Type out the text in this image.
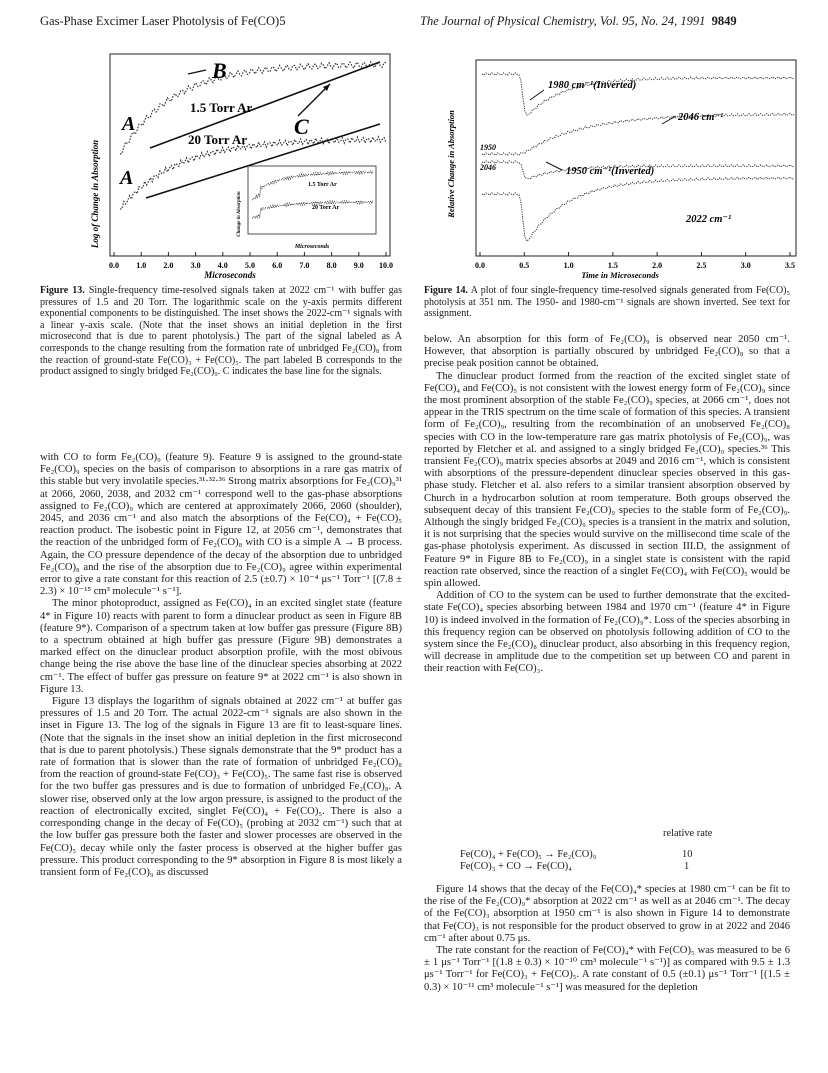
Gas-Phase Excimer Laser Photolysis of Fe(CO)5	The Journal of Physical Chemistry, Vol. 95, No. 24, 1991 9849
Log of Change in Absorption
0.0 1.0 2.0 3.0 4.0 5.0 6.0 7.0 8.0 9.0 10.0
Microseconds
B
A
A
C
1.5 Torr Ar
20 Torr Ar
Change in Absorption
Microseconds
1.5 Torr Ar
20 Torr Ar
Figure 13. Single-frequency time-resolved signals taken at 2022 cm⁻¹ with buffer gas pressures of 1.5 and 20 Torr. The logarithmic scale on the y-axis permits different exponential components to be distinguished. The inset shows the 2022-cm⁻¹ signals with a linear y-axis scale. (Note that the inset shows an initial depletion in the first microsecond that is due to parent photolysis.) The part of the signal labeled as A corresponds to the change resulting from the formation rate of unbridged Fe₂(CO)₈ from the reaction of ground-state Fe(CO)₃ + Fe(CO)₅. The part labeled B corresponds to the product assigned to singly bridged Fe₂(CO)₉. C indicates the base line for the signals.
Relative Change in Absorption
0.0	0.5	1.0	1.5	2.0	2.5	3.0	3.5
Time in Microseconds
1980 cm⁻¹(Inverted)
2046 cm⁻¹
1950
2046	1950 cm⁻¹(Inverted)
2022 cm⁻¹
Figure 14. A plot of four single-frequency time-resolved signals generated from Fe(CO)₅ photolysis at 351 nm. The 1950- and 1980-cm⁻¹ signals are shown inverted. See text for assignment.

with CO to form Fe₂(CO)₉ (feature 9). Feature 9 is assigned to the ground-state Fe₂(CO)₉ species on the basis of comparison to absorptions in a rare gas matrix of this stable but very involatile species.³¹·³²·³⁶ Strong matrix absorptions for Fe₂(CO)₉³¹ at 2066, 2060, 2038, and 2032 cm⁻¹ correspond well to the gas-phase absorptions assigned to Fe₂(CO)₉ which are centered at approximately 2066, 2060 (shoulder), 2045, and 2036 cm⁻¹ and also match the absorptions of the Fe(CO)₄ + Fe(CO)₅ reaction product. The isobestic point in Figure 12, at 2056 cm⁻¹, demonstrates that the reaction of the unbridged form of Fe₂(CO)₈ with CO is a simple A → B process. Again, the CO pressure dependence of the decay of the absorption due to unbridged Fe₂(CO)₈ and the rise of the absorption due to Fe₂(CO)₉ agree within experimental error to give a rate constant for this reaction of 2.5 (±0.7) × 10⁻⁴ μs⁻¹ Torr⁻¹ [(7.8 ± 2.3) × 10⁻¹⁵ cm³ molecule⁻¹ s⁻¹].

The minor photoproduct, assigned as Fe(CO)₄ in an excited singlet state (feature 4* in Figure 10) reacts with parent to form a dinuclear product as seen in Figure 8B (feature 9*). Comparison of a spectrum taken at low buffer gas pressure (Figure 8B) to a spectrum obtained at high buffer gas pressure (Figure 9B) demonstrates a marked effect on the dinuclear product absorption profile, with the most obivous change being the rise above the base line of the dinuclear species absorbing at 2022 cm⁻¹. The effect of buffer gas pressure on feature 9* at 2022 cm⁻¹ is also shown in Figure 13.

Figure 13 displays the logarithm of signals obtained at 2022 cm⁻¹ at buffer gas pressures of 1.5 and 20 Torr. The actual 2022-cm⁻¹ signals are also shown in the inset in Figure 13. The log of the signals in Figure 13 are fit to least-square lines. (Note that the signals in the inset show an initial depletion in the first microsecond that is due to parent photolysis.) These signals demonstrate that the 9* product has a rate of formation that is slower than the rate of formation of unbridged Fe₂(CO)₈ from the reaction of ground-state Fe(CO)₃ + Fe(CO)₅. The same fast rise is observed for the two buffer gas pressures and is due to formation of unbridged Fe₂(CO)₈. A slower rise, observed only at the low argon pressure, is assigned to the product of the reaction of electronically excited, singlet Fe(CO)₄ + Fe(CO)₅. There is also a corresponding change in the decay of Fe(CO)₅ (probing at 2032 cm⁻¹) such that at the low buffer gas pressure both the faster and slower processes are observed in the Fe(CO)₅ decay while only the faster process is observed at the higher buffer gas pressure. This product corresponding to the 9* absorption in Figure 8 is most likely a transient form of Fe₂(CO)₉ as discussed

below. An absorption for this form of Fe₂(CO)₉ is observed near 2050 cm⁻¹. However, that absorption is partially obscured by unbridged Fe₂(CO)₈ so that a precise peak position cannot be obtained.

The dinuclear product formed from the reaction of the excited singlet state of Fe(CO)₄ and Fe(CO)₅ is not consistent with the lowest energy form of Fe₂(CO)₉ since the most prominent absorption of the stable Fe₂(CO)₉ species, at 2066 cm⁻¹, does not appear in the TRIS spectrum on the time scale of formation of this species. A transient form of Fe₂(CO)₉, resulting from the recombination of an unobserved Fe₂(CO)₈ species with CO in the low-temperature rare gas matrix photolysis of Fe₂(CO)₉, was reported by Fletcher et al. and assigned to a singly bridged Fe₂(CO)₉ species.³⁶ This transient Fe₂(CO)₉ matrix species absorbs at 2049 and 2016 cm⁻¹, which is consistent with absorptions of the pressure-dependent dinuclear species observed in this gas-phase study. Fletcher et al. also refers to a similar transient absorption observed by Church in a hydrocarbon solution at room temperature. Both groups observed the subsequent decay of this transient Fe₂(CO)₉ species to the stable form of Fe₂(CO)₉. Although the singly bridged Fe₂(CO)₉ species is a transient in the matrix and solution, it is not surprising that the species would survive on the millisecond time scale of the gas-phase photolysis experiment. As discussed in section III.D, the assignment of Feature 9* in Figure 8B to Fe₂(CO)₉ in a singlet state is consistent with the rapid reaction rate observed, since the reaction of a singlet Fe(CO)₄ with Fe(CO)₅ would be spin allowed.

Addition of CO to the system can be used to further demonstrate that the excited-state Fe(CO)₄ species absorbing between 1984 and 1970 cm⁻¹ (feature 4* in Figure 10) is indeed involved in the formation of Fe₂(CO)₉*. Loss of the species absorbing in this frequency region can be observed on photolysis following addition of CO to the system since the Fe₂(CO)₈ dinuclear product, also absorbing in this frequency region, will decrease in amplitude due to the competition set up between CO and parent in their reaction with Fe(CO)₃.

relative rate
Fe(CO)₄ + Fe(CO)₅ → Fe₂(CO)₉	10
Fe(CO)₃ + CO → Fe(CO)₄	1

Figure 14 shows that the decay of the Fe(CO)₄* species at 1980 cm⁻¹ can be fit to the rise of the Fe₂(CO)₉* absorption at 2022 cm⁻¹ as well as at 2046 cm⁻¹. The decay of the Fe(CO)₃ absorption at 1950 cm⁻¹ is also shown in Figure 14 to demonstrate that Fe(CO)₃ is not responsible for the product observed to grow in at 2022 and 2046 cm⁻¹ after about 0.75 μs.

The rate constant for the reaction of Fe(CO)₄* with Fe(CO)₅ was measured to be 6 ± 1 μs⁻¹ Torr⁻¹ [(1.8 ± 0.3) × 10⁻¹⁰ cm³ molecule⁻¹ s⁻¹)] as compared with 9.5 ± 1.3 μs⁻¹ Torr⁻¹ for Fe(CO)₃ + Fe(CO)₅. A rate constant of 0.5 (±0.1) μs⁻¹ Torr⁻¹ [(1.5 ± 0.3) × 10⁻¹¹ cm³ molecule⁻¹ s⁻¹] was measured for the depletion
